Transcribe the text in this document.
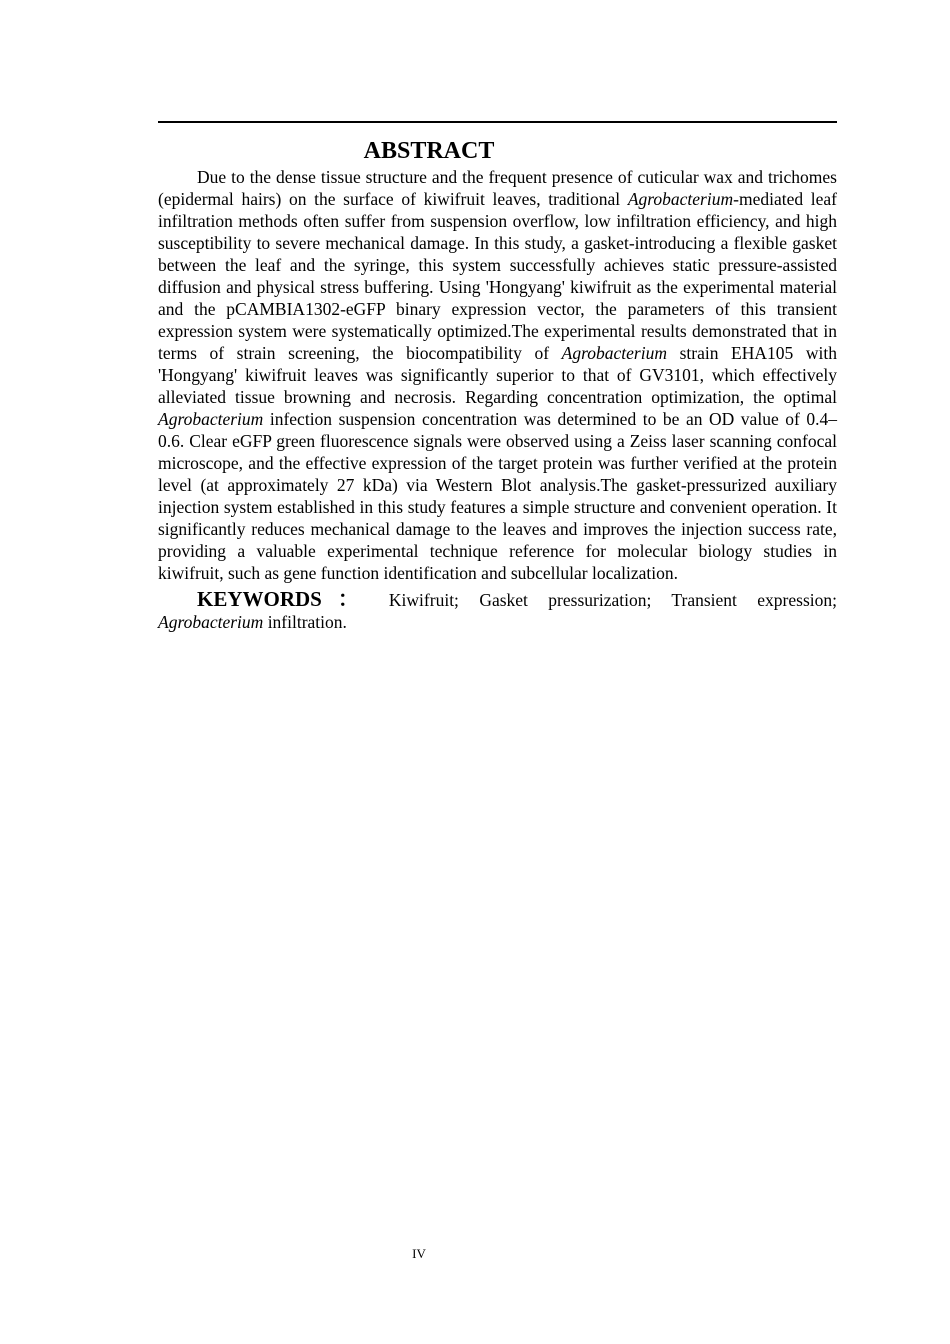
ABSTRACT

Due to the dense tissue structure and the frequent presence of cuticular wax and trichomes (epidermal hairs) on the surface of kiwifruit leaves, traditional Agrobacterium-mediated leaf infiltration methods often suffer from suspension overflow, low infiltration efficiency, and high susceptibility to severe mechanical damage. In this study, a gasket-introducing a flexible gasket between the leaf and the syringe, this system successfully achieves static pressure-assisted diffusion and physical stress buffering. Using 'Hongyang' kiwifruit as the experimental material and the pCAMBIA1302-eGFP binary expression vector, the parameters of this transient expression system were systematically optimized.The experimental results demonstrated that in terms of strain screening, the biocompatibility of Agrobacterium strain EHA105 with 'Hongyang' kiwifruit leaves was significantly superior to that of GV3101, which effectively alleviated tissue browning and necrosis. Regarding concentration optimization, the optimal Agrobacterium infection suspension concentration was determined to be an OD value of 0.4–0.6. Clear eGFP green fluorescence signals were observed using a Zeiss laser scanning confocal microscope, and the effective expression of the target protein was further verified at the protein level (at approximately 27 kDa) via Western Blot analysis.The gasket-pressurized auxiliary injection system established in this study features a simple structure and convenient operation. It significantly reduces mechanical damage to the leaves and improves the injection success rate, providing a valuable experimental technique reference for molecular biology studies in kiwifruit, such as gene function identification and subcellular localization.

KEYWORDS： Kiwifruit; Gasket pressurization; Transient expression; Agrobacterium infiltration.

IV
